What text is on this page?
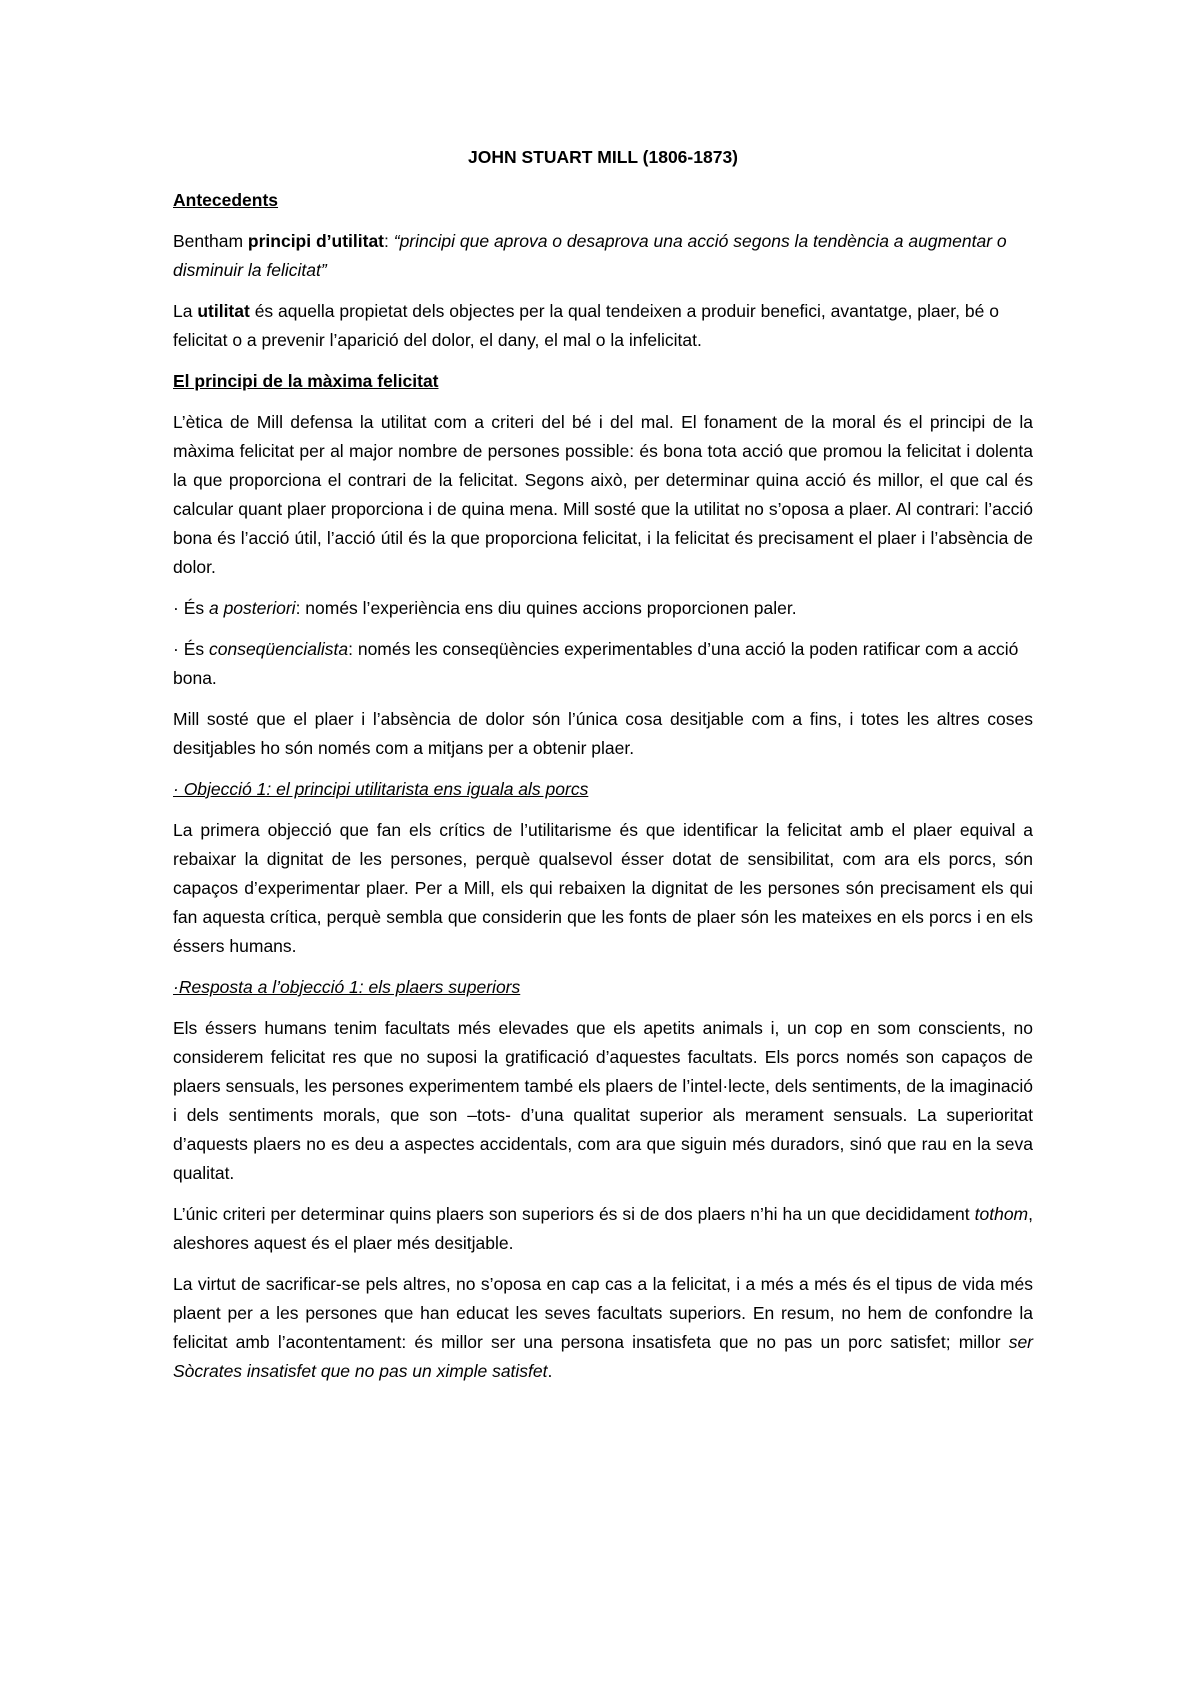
JOHN STUART MILL (1806-1873)
Antecedents

Bentham principi d’utilitat: “principi que aprova o desaprova una acció segons la tendència a augmentar o disminuir la felicitat”

La utilitat és aquella propietat dels objectes per la qual tendeixen a produir benefici, avantatge, plaer, bé o felicitat o a prevenir l’aparició del dolor, el dany, el mal o la infelicitat.

El principi de la màxima felicitat

L’ètica de Mill defensa la utilitat com a criteri del bé i del mal. El fonament de la moral és el principi de la màxima felicitat per al major nombre de persones possible: és bona tota acció que promou la felicitat i dolenta la que proporciona el contrari de la felicitat. Segons això, per determinar quina acció és millor, el que cal és calcular quant plaer proporciona i de quina mena. Mill sosté que la utilitat no s’oposa a plaer. Al contrari: l’acció bona és l’acció útil, l’acció útil és la que proporciona felicitat, i la felicitat és precisament el plaer i l’absència de dolor.

· És a posteriori: només l’experiència ens diu quines accions proporcionen paler.

· És conseqüencialista: només les conseqüències experimentables d’una acció la poden ratificar com a acció bona.

Mill sosté que el plaer i l’absència de dolor són l’única cosa desitjable com a fins, i totes les altres coses desitjables ho són només com a mitjans per a obtenir plaer.

· Objecció 1: el principi utilitarista ens iguala als porcs

La primera objecció que fan els crítics de l’utilitarisme és que identificar la felicitat amb el plaer equival a rebaixar la dignitat de les persones, perquè qualsevol ésser dotat de sensibilitat, com ara els porcs, són capaços d’experimentar plaer. Per a Mill, els qui rebaixen la dignitat de les persones són precisament els qui fan aquesta crítica, perquè sembla que considerin que les fonts de plaer són les mateixes en els porcs i en els éssers humans.

·Resposta a l’objecció 1: els plaers superiors

Els éssers humans tenim facultats més elevades que els apetits animals i, un cop en som conscients, no considerem felicitat res que no suposi la gratificació d’aquestes facultats. Els porcs només son capaços de plaers sensuals, les persones experimentem també els plaers de l’intel·lecte, dels sentiments, de la imaginació i dels sentiments morals, que son –tots- d’una qualitat superior als merament sensuals. La superioritat d’aquests plaers no es deu a aspectes accidentals, com ara que siguin més duradors, sinó que rau en la seva qualitat.

L’únic criteri per determinar quins plaers son superiors és si de dos plaers n’hi ha un que decididament tothom, aleshores aquest és el plaer més desitjable.

La virtut de sacrificar-se pels altres, no s’oposa en cap cas a la felicitat, i a més a més és el tipus de vida més plaent per a les persones que han educat les seves facultats superiors. En resum, no hem de confondre la felicitat amb l’acontentament: és millor ser una persona insatisfeta que no pas un porc satisfet; millor ser Sòcrates insatisfet que no pas un ximple satisfet.
